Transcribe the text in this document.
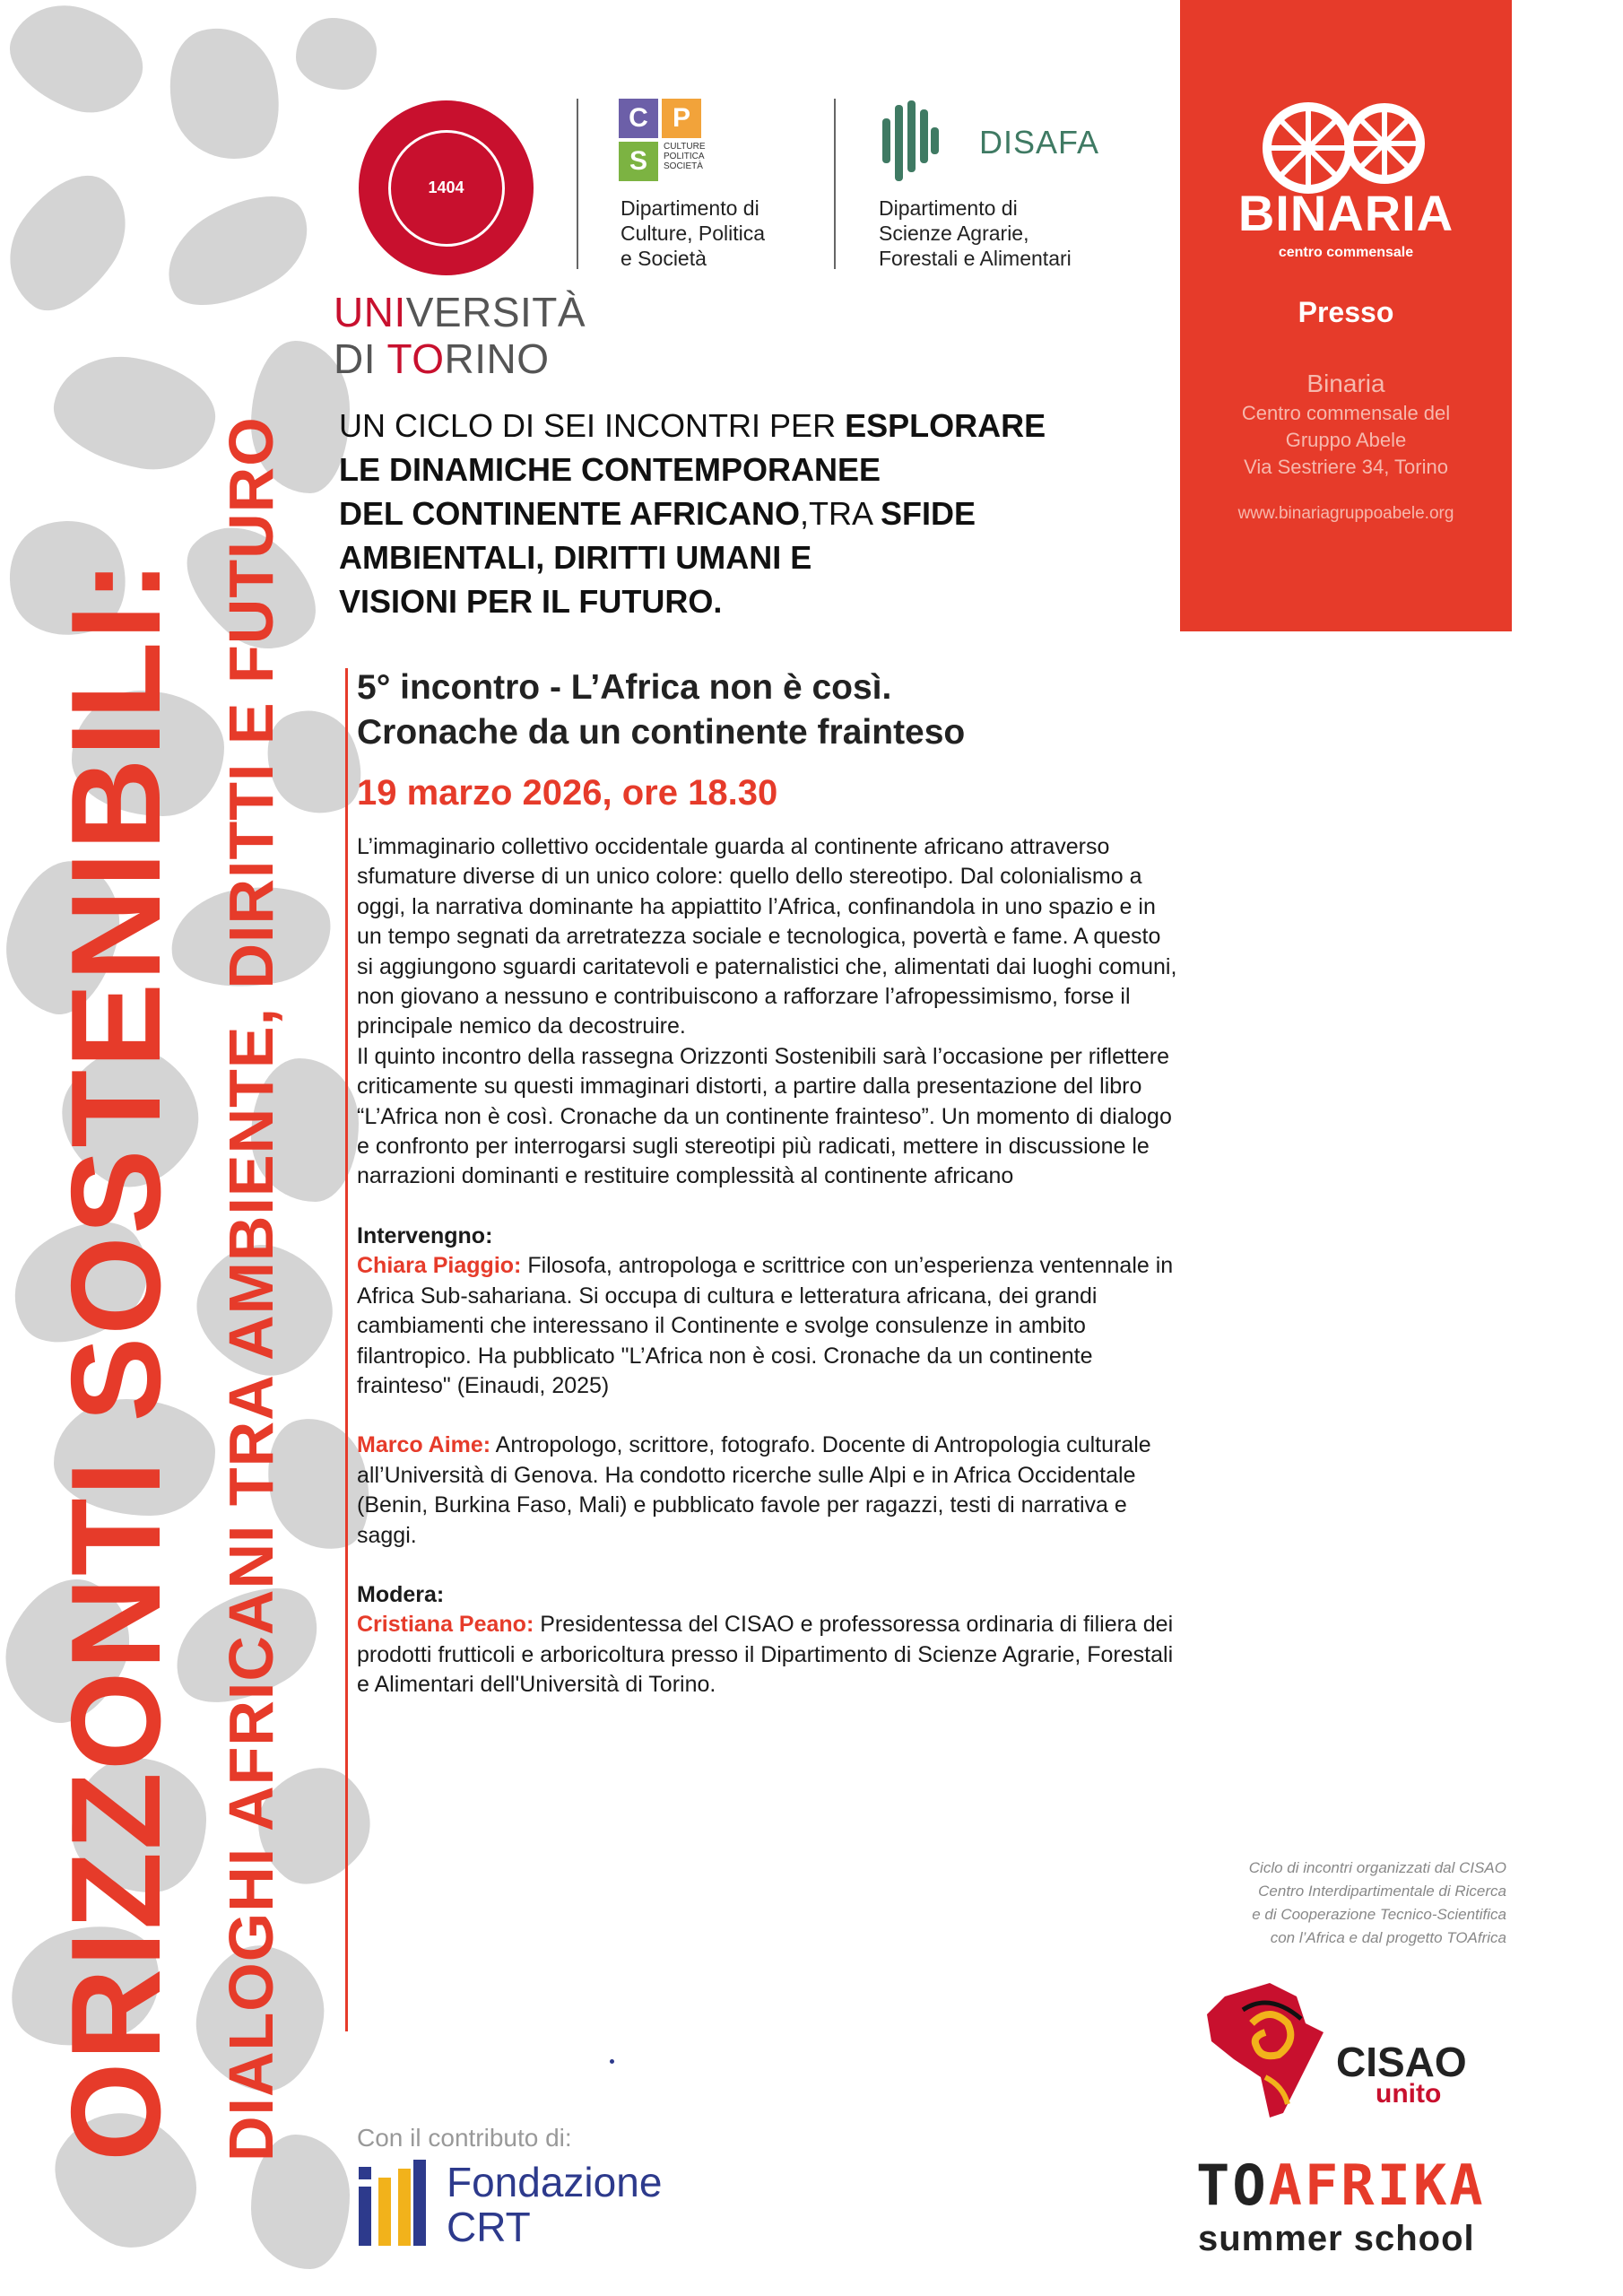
ORIZZONTI SOSTENIBILI: DIALOGHI AFRICANI TRA AMBIENTE, DIRITTI E FUTURO
1404
UNIVERSITÀ
DI TORINO
C P
S	CULTURE
POLITICA
SOCIETÀ
Dipartimento di
Culture, Politica
e Società
DISAFA
Dipartimento di
Scienze Agrarie,
Forestali e Alimentari
BINARIA
centro commensale
Presso
Binaria
Centro commensale del
Gruppo Abele
Via Sestriere 34, Torino
www.binariagruppoabele.org
UN CICLO DI SEI INCONTRI PER ESPLORARE
LE DINAMICHE CONTEMPORANEE
DEL CONTINENTE AFRICANO,TRA SFIDE
AMBIENTALI, DIRITTI UMANI E
VISIONI PER IL FUTURO.
5° incontro - L’Africa non è così.
Cronache da un continente frainteso
19 marzo 2026, ore 18.30

L’immaginario collettivo occidentale guarda al continente africano attraverso sfumature diverse di un unico colore: quello dello stereotipo. Dal colonialismo a oggi, la narrativa dominante ha appiattito l’Africa, confinandola in uno spazio e in un tempo segnati da arretratezza sociale e tecnologica, povertà e fame. A questo si aggiungono sguardi caritatevoli e paternalistici che, alimentati dai luoghi comuni, non giovano a nessuno e contribuiscono a rafforzare l’afropessimismo, forse il principale nemico da decostruire.

Il quinto incontro della rassegna Orizzonti Sostenibili sarà l’occasione per riflettere criticamente su questi immaginari distorti, a partire dalla presentazione del libro “L’Africa non è così. Cronache da un continente frainteso”. Un momento di dialogo e confronto per interrogarsi sugli stereotipi più radicati, mettere in discussione le narrazioni dominanti e restituire complessità al continente africano

Intervengno:

Chiara Piaggio: Filosofa, antropologa e scrittrice con un’esperienza ventennale in Africa Sub-sahariana. Si occupa di cultura e letteratura africana, dei grandi cambiamenti che interessano il Continente e svolge consulenze in ambito filantropico. Ha pubblicato "L’Africa non è cosi. Cronache da un continente frainteso" (Einaudi, 2025)

Marco Aime: Antropologo, scrittore, fotografo. Docente di Antropologia culturale all’Università di Genova. Ha condotto ricerche sulle Alpi e in Africa Occidentale (Benin, Burkina Faso, Mali) e pubblicato favole per ragazzi, testi di narrativa e saggi.

Modera:

Cristiana Peano: Presidentessa del CISAO e professoressa ordinaria di filiera dei prodotti frutticoli e arboricoltura presso il Dipartimento di Scienze Agrarie, Forestali e Alimentari dell'Università di Torino.

Con il contributo di:
Fondazione
CRT
Ciclo di incontri organizzati dal CISAO
Centro Interdipartimentale di Ricerca
e di Cooperazione Tecnico-Scientifica
con l’Africa e dal progetto TOAfrica
CISAO
unito
TOAFRIKA
summer school
